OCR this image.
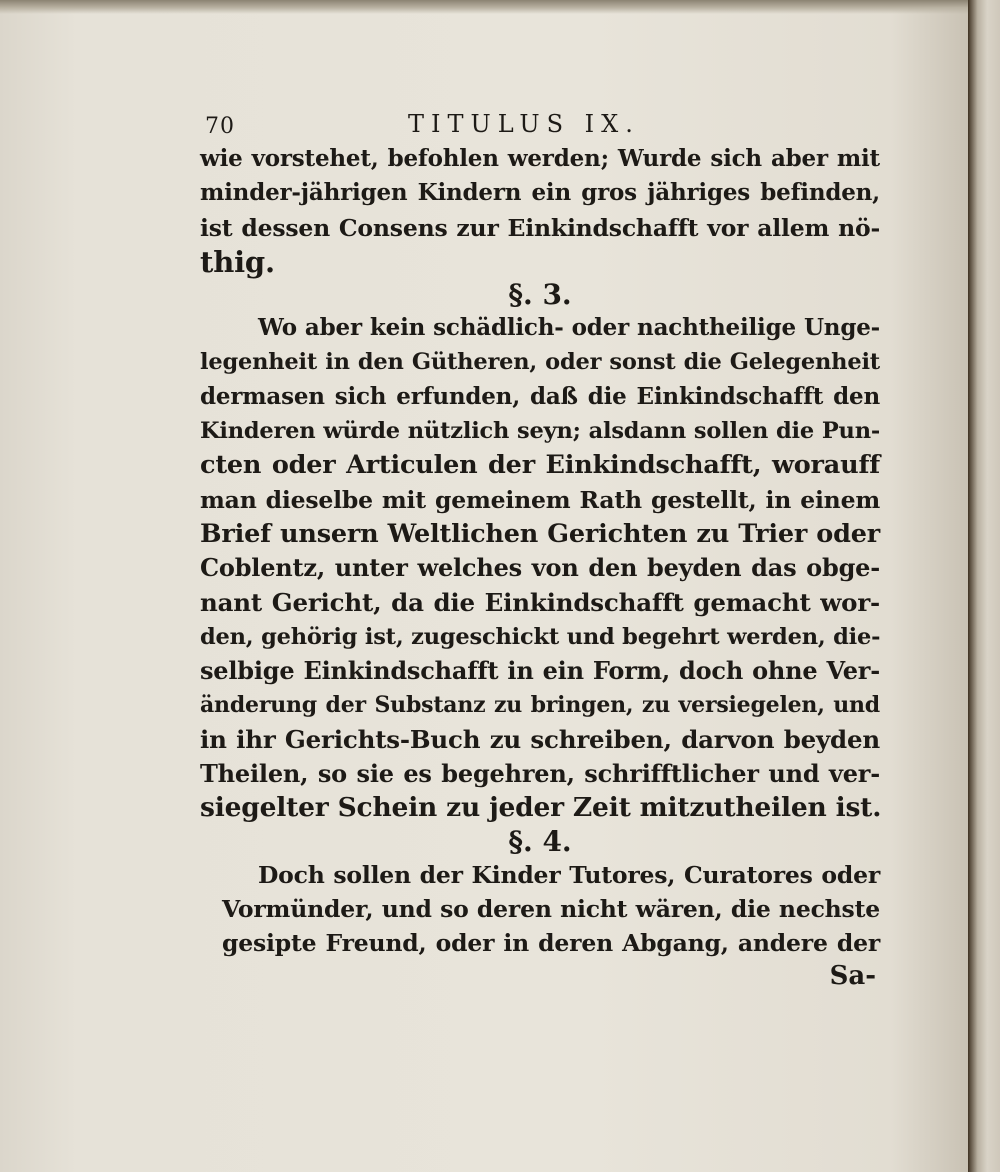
70	TITULUS IX.
wie vorstehet, befohlen werden; Wurde sich aber mit
minder-jährigen Kindern ein gros jähriges befinden,
ist dessen Consens zur Einkindschafft vor allem nö-
thig.
§. 3.
Wo aber kein schädlich- oder nachtheilige Unge-
legenheit in den Gütheren, oder sonst die Gelegenheit
dermasen sich erfunden, daß die Einkindschafft den
Kinderen würde nützlich seyn; alsdann sollen die Pun-
cten oder Articulen der Einkindschafft, worauff
man dieselbe mit gemeinem Rath gestellt, in einem
Brief unsern Weltlichen Gerichten zu Trier oder
Coblentz, unter welches von den beyden das obge-
nant Gericht, da die Einkindschafft gemacht wor-
den, gehörig ist, zugeschickt und begehrt werden, die-
selbige Einkindschafft in ein Form, doch ohne Ver-
änderung der Substanz zu bringen, zu versiegelen, und
in ihr Gerichts-Buch zu schreiben, darvon beyden
Theilen, so sie es begehren, schrifftlicher und ver-
siegelter Schein zu jeder Zeit mitzutheilen ist.
§. 4.
Doch sollen der Kinder Tutores, Curatores oder
Vormünder, und so deren nicht wären, die nechste
gesipte Freund, oder in deren Abgang, andere der
Sa-
